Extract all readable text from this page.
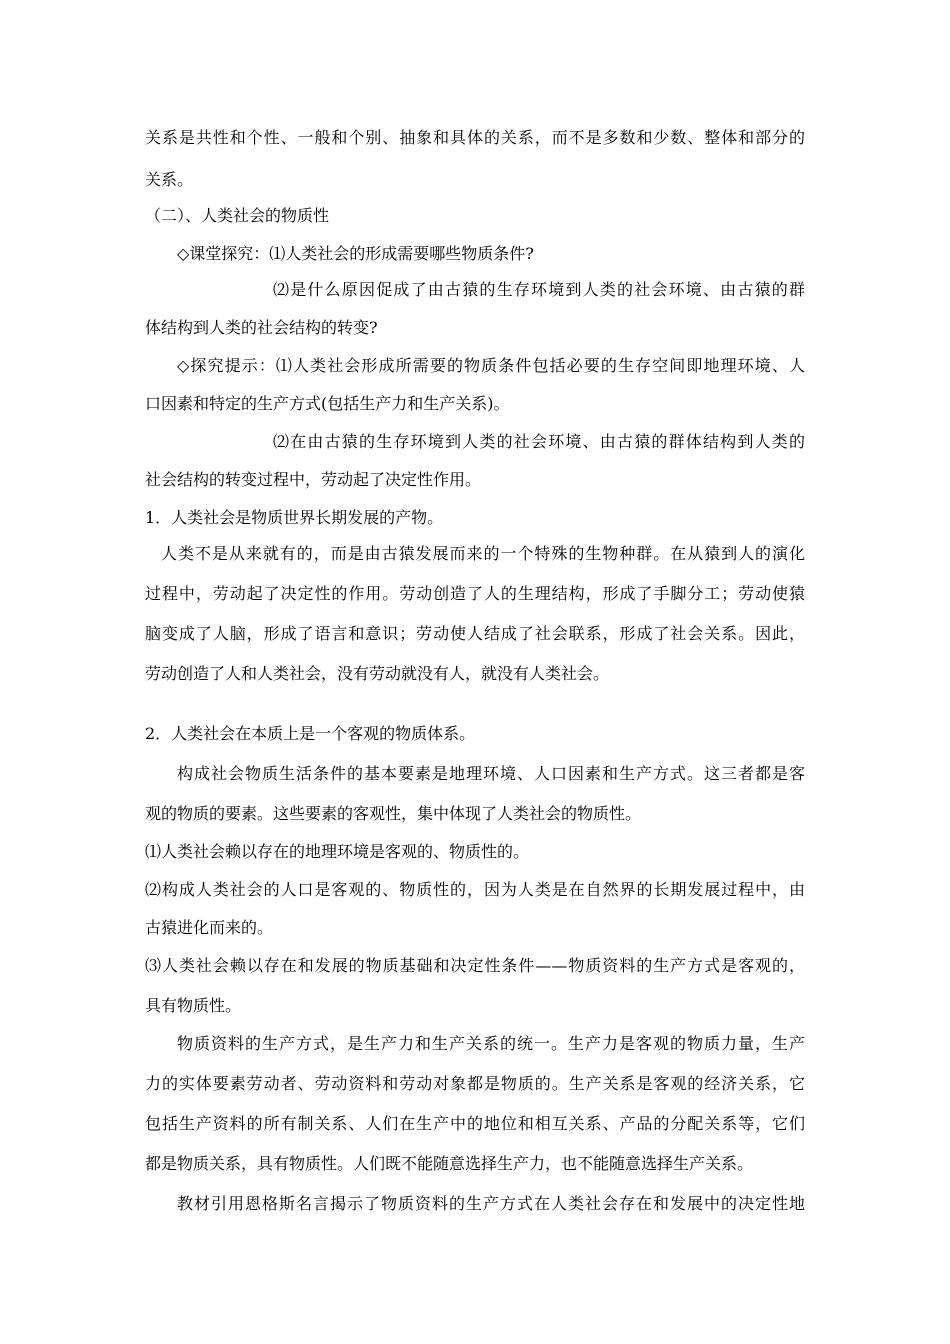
关系是共性和个性、一般和个别、抽象和具体的关系，而不是多数和少数、整体和部分的
关系。
（二）、人类社会的物质性
◇课堂探究：⑴人类社会的形成需要哪些物质条件?
⑵是什么原因促成了由古猿的生存环境到人类的社会环境、由古猿的群
体结构到人类的社会结构的转变?
◇探究提示：⑴人类社会形成所需要的物质条件包括必要的生存空间即地理环境、人
口因素和特定的生产方式(包括生产力和生产关系)。
⑵在由古猿的生存环境到人类的社会环境、由古猿的群体结构到人类的
社会结构的转变过程中，劳动起了决定性作用。
1．人类社会是物质世界长期发展的产物。
人类不是从来就有的，而是由古猿发展而来的一个特殊的生物种群。在从猿到人的演化
过程中，劳动起了决定性的作用。劳动创造了人的生理结构，形成了手脚分工；劳动使猿
脑变成了人脑，形成了语言和意识；劳动使人结成了社会联系，形成了社会关系。因此，
劳动创造了人和人类社会，没有劳动就没有人，就没有人类社会。
2．人类社会在本质上是一个客观的物质体系。
构成社会物质生活条件的基本要素是地理环境、人口因素和生产方式。这三者都是客
观的物质的要素。这些要素的客观性，集中体现了人类社会的物质性。
⑴人类社会赖以存在的地理环境是客观的、物质性的。
⑵构成人类社会的人口是客观的、物质性的，因为人类是在自然界的长期发展过程中，由
古猿进化而来的。
⑶人类社会赖以存在和发展的物质基础和决定性条件——物质资料的生产方式是客观的，
具有物质性。
物质资料的生产方式，是生产力和生产关系的统一。生产力是客观的物质力量，生产
力的实体要素劳动者、劳动资料和劳动对象都是物质的。生产关系是客观的经济关系，它
包括生产资料的所有制关系、人们在生产中的地位和相互关系、产品的分配关系等，它们
都是物质关系，具有物质性。人们既不能随意选择生产力，也不能随意选择生产关系。
教材引用恩格斯名言揭示了物质资料的生产方式在人类社会存在和发展中的决定性地
